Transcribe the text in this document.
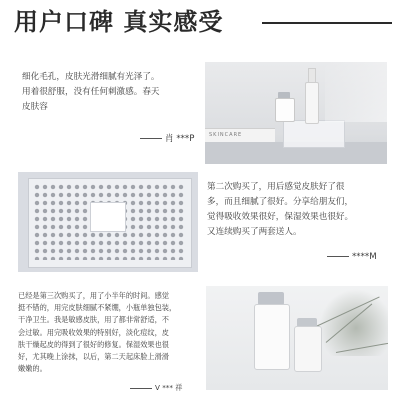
用户口碑 真实感受
细化毛孔，皮肤光滑细腻有光泽了。
用着很舒服，没有任何刺激感。春天
皮肤容
肖 ***P	SKINCARE
第二次购买了，用后感觉皮肤好了很
多，而且细腻了很好。分享给朋友们，
觉得吸收效果很好，保湿效果也很好。
又连续购买了两套送人。
****M
已经是第三次购买了，用了小半年的时间。感觉
挺不错的，用完皮肤细腻不紧绷，小瓶单独包装，
干净卫生。我是敏感皮肤，用了都非常舒适，不
会过敏。用完吸收效果的特别好，淡化痘纹，皮
肤干燥起皮的得到了很好的修复。保湿效果也很
好，尤其晚上涂抹，以后，第二天起床脸上滑滑
嫩嫩的。
V *** 祥
